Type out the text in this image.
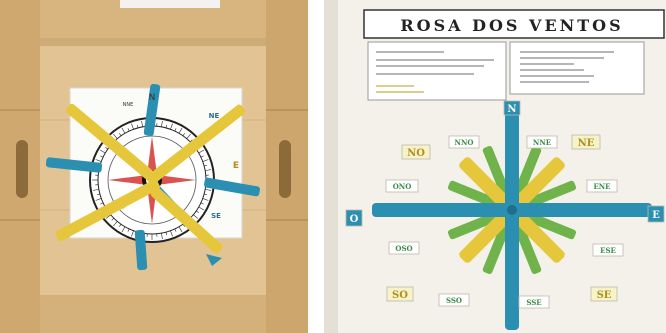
N
NNE
NE
E
SE
ROSA DOS VENTOS
N
O	E
NO
NNO	NNE	NE
ONO	ENE
OSO	ESE
SO	SSO	SSE
SE
